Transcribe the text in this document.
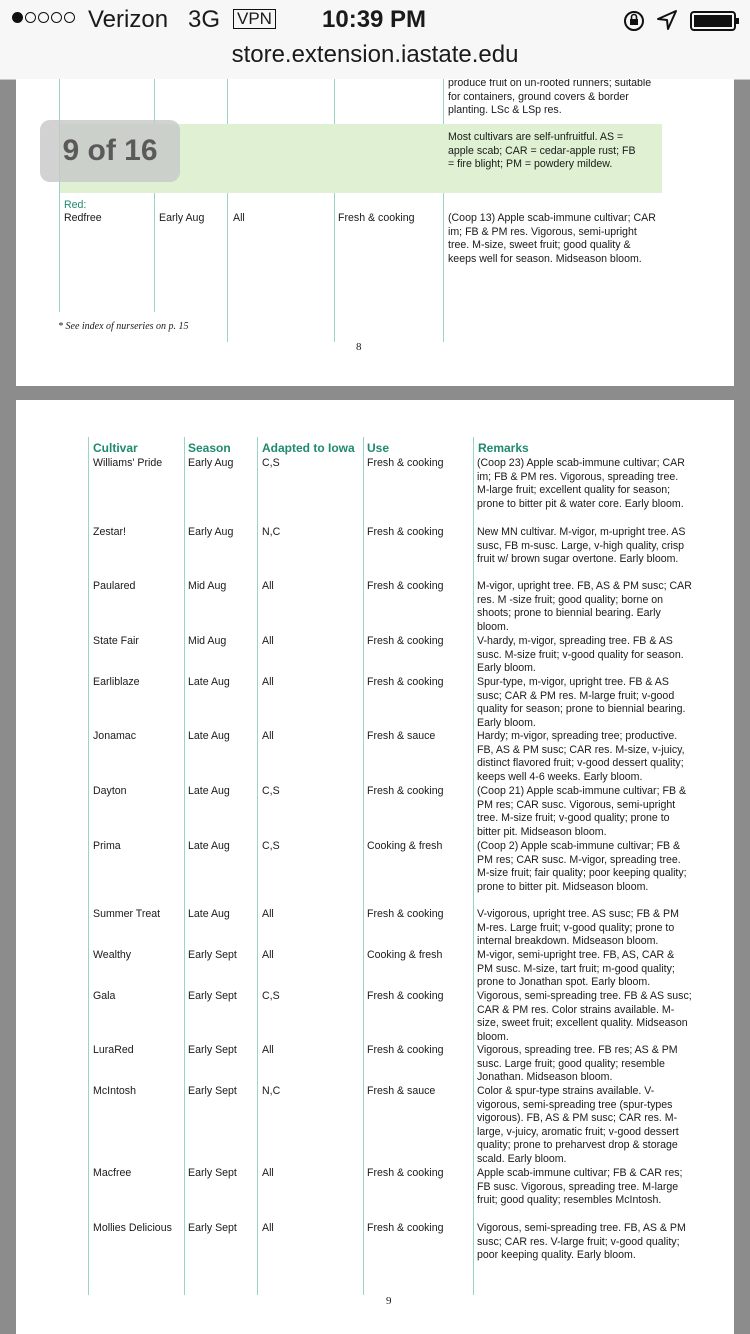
Verizon 3G VPN 10:39 PM
store.extension.iastate.edu
produce fruit on un-rooted runners; suitable for containers, ground covers & border planting. LSc & LSp res.
Most cultivars are self-unfruitful. AS = apple scab; CAR = cedar-apple rust; FB = fire blight; PM = powdery mildew.
Red:
Redfree	Early Aug	All	Fresh & cooking	(Coop 13) Apple scab-immune cultivar; CAR im; FB & PM res. Vigorous, semi-upright tree. M-size, sweet fruit; good quality & keeps well for season. Midseason bloom.
* See index of nurseries on p. 15
8
9 of 16
Cultivar	Season	Adapted to Iowa Use	Remarks
Williams' Pride Early Aug	C,S	Fresh & cooking	(Coop 23) Apple scab-immune cultivar; CAR im; FB & PM res. Vigorous, spreading tree. M-large fruit; excellent quality for season; prone to bitter pit & water core. Early bloom.
Zestar!	Early Aug	N,C	Fresh & cooking	New MN cultivar. M-vigor, m-upright tree. AS susc, FB m-susc. Large, v-high quality, crisp fruit w/ brown sugar overtone. Early bloom.
Paulared	Mid Aug	All	Fresh & cooking	M-vigor, upright tree. FB, AS & PM susc; CAR res. M -size fruit; good quality; borne on shoots; prone to biennial bearing. Early bloom.
State Fair	Mid Aug	All	Fresh & cooking	V-hardy, m-vigor, spreading tree. FB & AS susc. M-size fruit; v-good quality for season. Early bloom.
Earliblaze	Late Aug	All	Fresh & cooking	Spur-type, m-vigor, upright tree. FB & AS susc; CAR & PM res. M-large fruit; v-good quality for season; prone to biennial bearing. Early bloom.
Jonamac	Late Aug	All	Fresh & sauce	Hardy; m-vigor, spreading tree; productive. FB, AS & PM susc; CAR res. M-size, v-juicy, distinct flavored fruit; v-good dessert quality; keeps well 4-6 weeks. Early bloom.
Dayton	Late Aug	C,S	Fresh & cooking	(Coop 21) Apple scab-immune cultivar; FB & PM res; CAR susc. Vigorous, semi-upright tree. M-size fruit; v-good quality; prone to bitter pit. Midseason bloom.
Prima	Late Aug	C,S	Cooking & fresh	(Coop 2) Apple scab-immune cultivar; FB & PM res; CAR susc. M-vigor, spreading tree. M-size fruit; fair quality; poor keeping quality; prone to bitter pit. Midseason bloom.
Summer Treat	Late Aug	All	Fresh & cooking	V-vigorous, upright tree. AS susc; FB & PM M-res. Large fruit; v-good quality; prone to internal breakdown. Midseason bloom.
Wealthy	Early Sept All	Cooking & fresh	M-vigor, semi-upright tree. FB, AS, CAR & PM susc. M-size, tart fruit; m-good quality; prone to Jonathan spot. Early bloom.
Gala	Early Sept C,S	Fresh & cooking	Vigorous, semi-spreading tree. FB & AS susc; CAR & PM res. Color strains available. M-size, sweet fruit; excellent quality. Midseason bloom.
LuraRed	Early Sept All	Fresh & cooking	Vigorous, spreading tree. FB res; AS & PM susc. Large fruit; good quality; resemble Jonathan. Midseason bloom.
McIntosh	Early Sept N,C	Fresh & sauce	Color & spur-type strains available. V-vigorous, semi-spreading tree (spur-types vigorous). FB, AS & PM susc; CAR res. M-large, v-juicy, aromatic fruit; v-good dessert quality; prone to preharvest drop & storage scald. Early bloom.
Macfree	Early Sept All	Fresh & cooking	Apple scab-immune cultivar; FB & CAR res; FB susc. Vigorous, spreading tree. M-large fruit; good quality; resembles McIntosh.
Mollies Delicious	Early Sept All	Fresh & cooking	Vigorous, semi-spreading tree. FB, AS & PM susc; CAR res. V-large fruit; v-good quality; poor keeping quality. Early bloom.
9
